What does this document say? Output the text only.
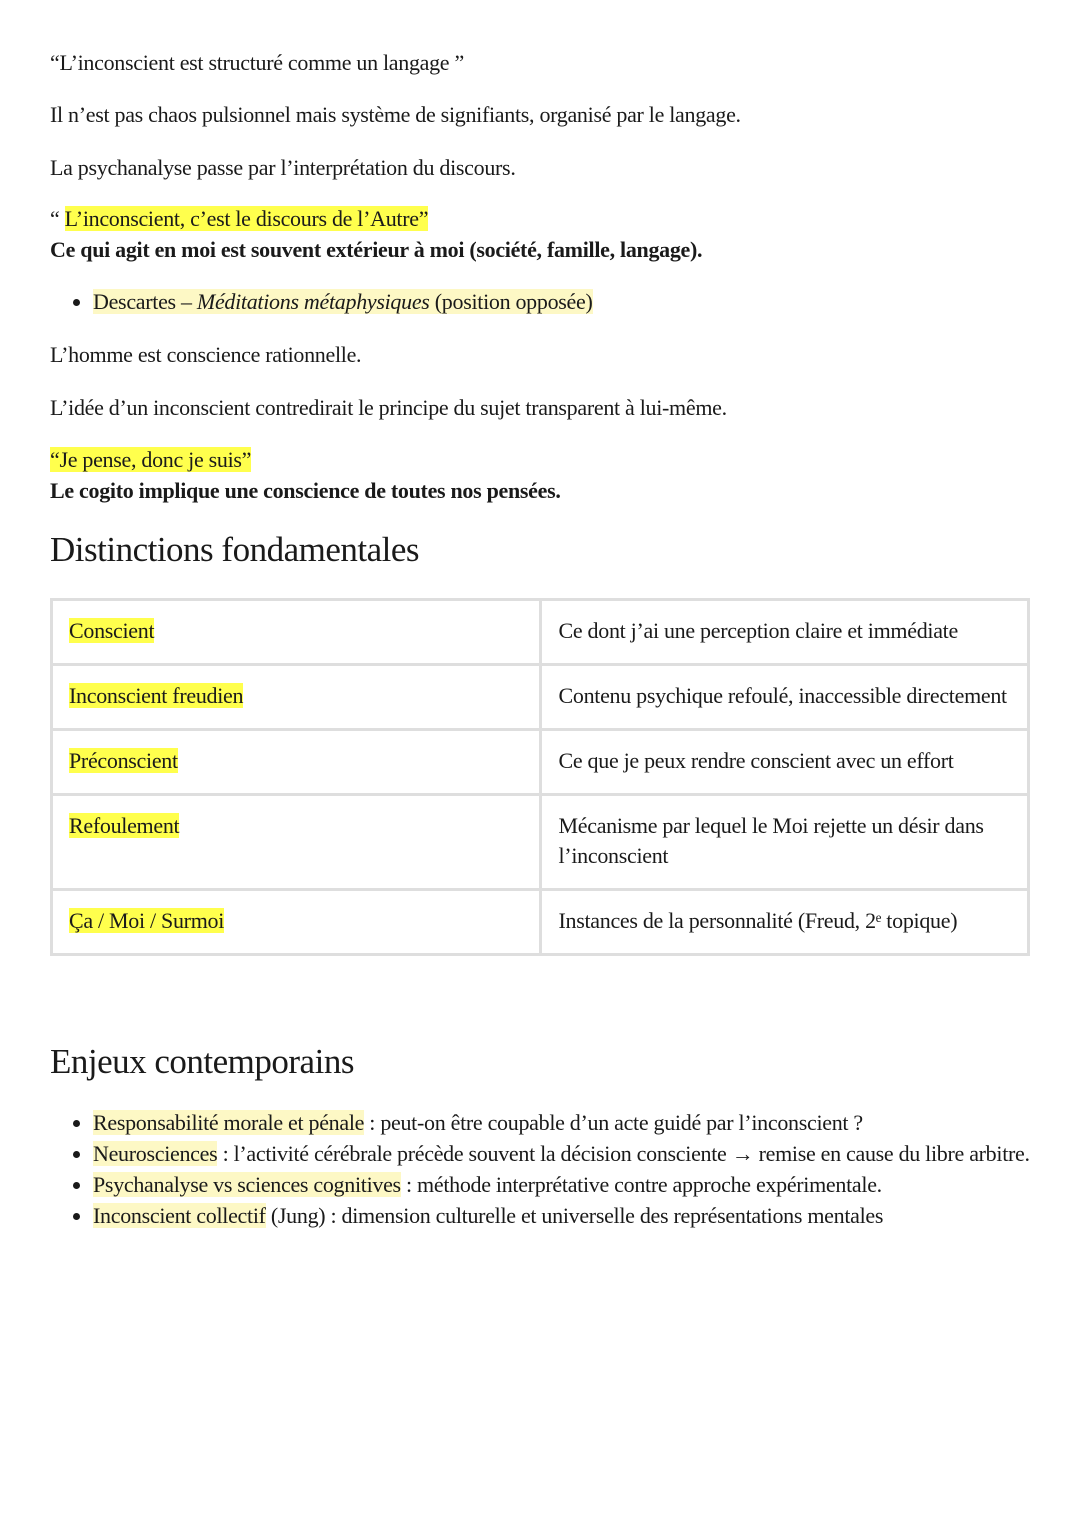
“L’inconscient est structuré comme un langage ”
Il n’est pas chaos pulsionnel mais système de signifiants, organisé par le langage.
La psychanalyse passe par l’interprétation du discours.
“ L’inconscient, c’est le discours de l’Autre”
Ce qui agit en moi est souvent extérieur à moi (société, famille, langage).
• Descartes – Méditations métaphysiques (position opposée)
L’homme est conscience rationnelle.
L’idée d’un inconscient contredirait le principe du sujet transparent à lui-même.
“Je pense, donc je suis”
Le cogito implique une conscience de toutes nos pensées.
Distinctions fondamentales
Conscient	Ce dont j’ai une perception claire et immédiate
Inconscient freudien	Contenu psychique refoulé, inaccessible directement
Préconscient	Ce que je peux rendre conscient avec un effort
Refoulement	Mécanisme par lequel le Moi rejette un désir dans l’inconscient
Ça / Moi / Surmoi	Instances de la personnalité (Freud, 2ᵉ topique)
Enjeux contemporains
• Responsabilité morale et pénale : peut-on être coupable d’un acte guidé par l’inconscient ?
• Neurosciences : l’activité cérébrale précède souvent la décision consciente → remise en cause du libre arbitre.
• Psychanalyse vs sciences cognitives : méthode interprétative contre approche expérimentale.
• Inconscient collectif (Jung) : dimension culturelle et universelle des représentations mentales
